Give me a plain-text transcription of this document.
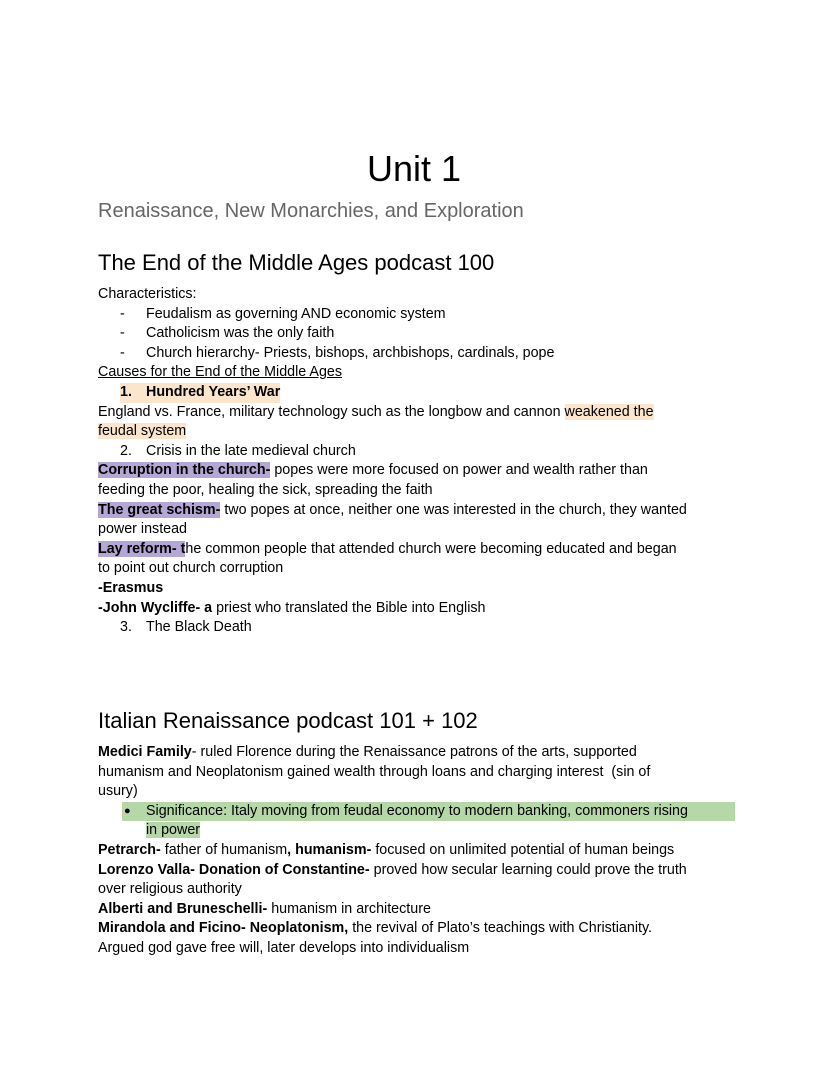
Unit 1
Renaissance, New Monarchies, and Exploration
The End of the Middle Ages podcast 100
Characteristics:
- Feudalism as governing AND economic system
- Catholicism was the only faith
- Church hierarchy- Priests, bishops, archbishops, cardinals, pope
Causes for the End of the Middle Ages
1. Hundred Years’ War
England vs. France, military technology such as the longbow and cannon weakened the
feudal system
2. Crisis in the late medieval church
Corruption in the church- popes were more focused on power and wealth rather than
feeding the poor, healing the sick, spreading the faith
The great schism- two popes at once, neither one was interested in the church, they wanted
power instead
Lay reform- the common people that attended church were becoming educated and began
to point out church corruption
-Erasmus
-John Wycliffe- a priest who translated the Bible into English
3. The Black Death
Italian Renaissance podcast 101 + 102
Medici Family- ruled Florence during the Renaissance patrons of the arts, supported
humanism and Neoplatonism gained wealth through loans and charging interest  (sin of
usury)
● Significance: Italy moving from feudal economy to modern banking, commoners rising
in power
Petrarch- father of humanism, humanism- focused on unlimited potential of human beings
Lorenzo Valla- Donation of Constantine- proved how secular learning could prove the truth
over religious authority
Alberti and Bruneschelli- humanism in architecture
Mirandola and Ficino- Neoplatonism, the revival of Plato’s teachings with Christianity.
Argued god gave free will, later develops into individualism
